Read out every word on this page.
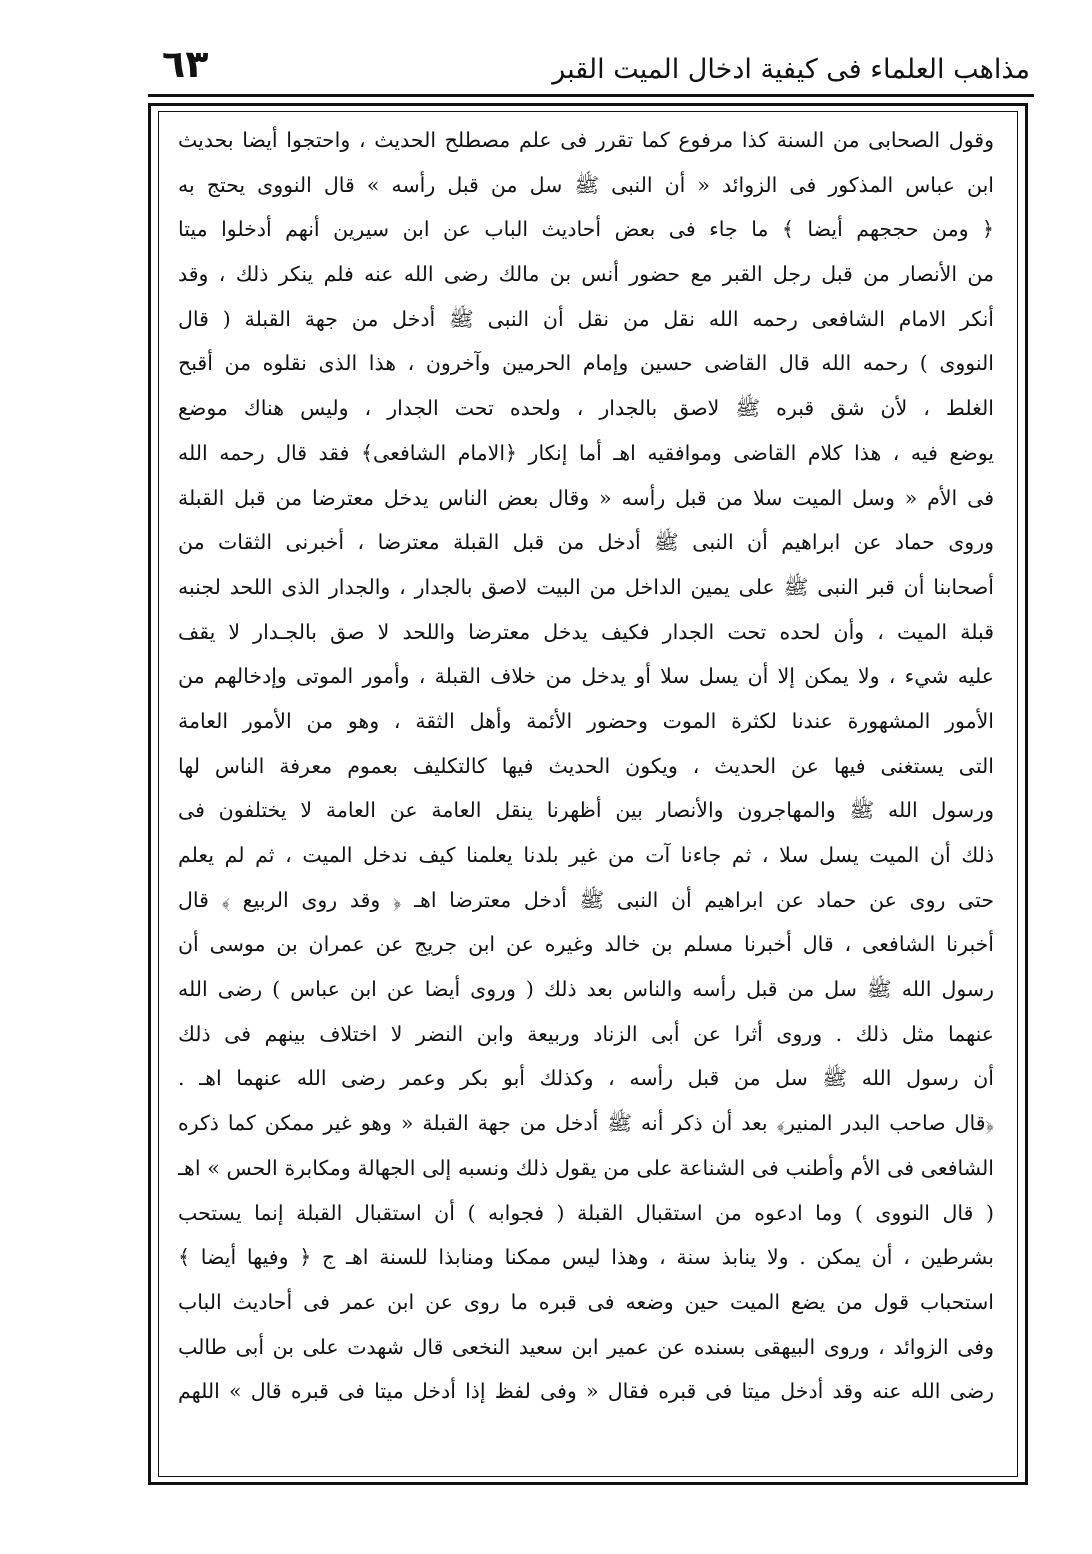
مذاهب العلماء فى كيفية ادخال الميت القبر
٦٣
وقول الصحابى من السنة كذا مرفوع كما تقرر فى علم مصطلح الحديث ، واحتجوا أيضا بحديث
ابن عباس المذكور فى الزوائد « أن النبى ﷺ سل من قبل رأسه » قال النووى يحتج به
﴿ ومن حججهم أيضا ﴾ ما جاء فى بعض أحاديث الباب عن ابن سيرين أنهم أدخلوا ميتا
من الأنصار من قبل رجل القبر مع حضور أنس بن مالك رضى الله عنه فلم ينكر ذلك ، وقد
أنكر الامام الشافعى رحمه الله نقل من نقل أن النبى ﷺ أدخل من جهة القبلة ( قال
النووى ) رحمه الله قال القاضى حسين وإمام الحرمين وآخرون ، هذا الذى نقلوه من أقبح
الغلط ، لأن شق قبره ﷺ لاصق بالجدار ، ولحده تحت الجدار ، وليس هناك موضع
يوضع فيه ، هذا كلام القاضى وموافقيه اهـ أما إنكار ﴿الامام الشافعى﴾ فقد قال رحمه الله
فى الأم « وسل الميت سلا من قبل رأسه « وقال بعض الناس يدخل معترضا من قبل القبلة
وروى حماد عن ابراهيم أن النبى ﷺ أدخل من قبل القبلة معترضا ، أخبرنى الثقات من
أصحابنا أن قبر النبى ﷺ على يمين الداخل من البيت لاصق بالجدار ، والجدار الذى اللحد لجنبه
قبلة الميت ، وأن لحده تحت الجدار فكيف يدخل معترضا واللحد لا صق بالجـدار لا يقف
عليه شيء ، ولا يمكن إلا أن يسل سلا أو يدخل من خلاف القبلة ، وأمور الموتى وإدخالهم من
الأمور المشهورة عندنا لكثرة الموت وحضور الأئمة وأهل الثقة ، وهو من الأمور العامة
التى يستغنى فيها عن الحديث ، ويكون الحديث فيها كالتكليف بعموم معرفة الناس لها
ورسول الله ﷺ والمهاجرون والأنصار بين أظهرنا ينقل العامة عن العامة لا يختلفون فى
ذلك أن الميت يسل سلا ، ثم جاءنا آت من غير بلدنا يعلمنا كيف ندخل الميت ، ثم لم يعلم
حتى روى عن حماد عن ابراهيم أن النبى ﷺ أدخل معترضا اهـ ﴿ وقد روى الربيع ﴾ قال
أخبرنا الشافعى ، قال أخبرنا مسلم بن خالد وغيره عن ابن جريج عن عمران بن موسى أن
رسول الله ﷺ سل من قبل رأسه والناس بعد ذلك ( وروى أيضا عن ابن عباس ) رضى الله
عنهما مثل ذلك . وروى أثرا عن أبى الزناد وربيعة وابن النضر لا اختلاف بينهم فى ذلك
أن رسول الله ﷺ سل من قبل رأسه ، وكذلك أبو بكر وعمر رضى الله عنهما اهـ .
﴿قال صاحب البدر المنير﴾ بعد أن ذكر أنه ﷺ أدخل من جهة القبلة « وهو غير ممكن كما ذكره
الشافعى فى الأم وأطنب فى الشناعة على من يقول ذلك ونسبه إلى الجهالة ومكابرة الحس » اهـ
( قال النووى ) وما ادعوه من استقبال القبلة ( فجوابه ) أن استقبال القبلة إنما يستحب
بشرطين ، أن يمكن . ولا ينابذ سنة ، وهذا ليس ممكنا ومنابذا للسنة اهـ ج ﴿ وفيها أيضا ﴾
استحباب قول من يضع الميت حين وضعه فى قبره ما روى عن ابن عمر فى أحاديث الباب
وفى الزوائد ، وروى البيهقى بسنده عن عمير ابن سعيد النخعى قال شهدت على بن أبى طالب
رضى الله عنه وقد أدخل ميتا فى قبره فقال « وفى لفظ إذا أدخل ميتا فى قبره قال » اللهم
